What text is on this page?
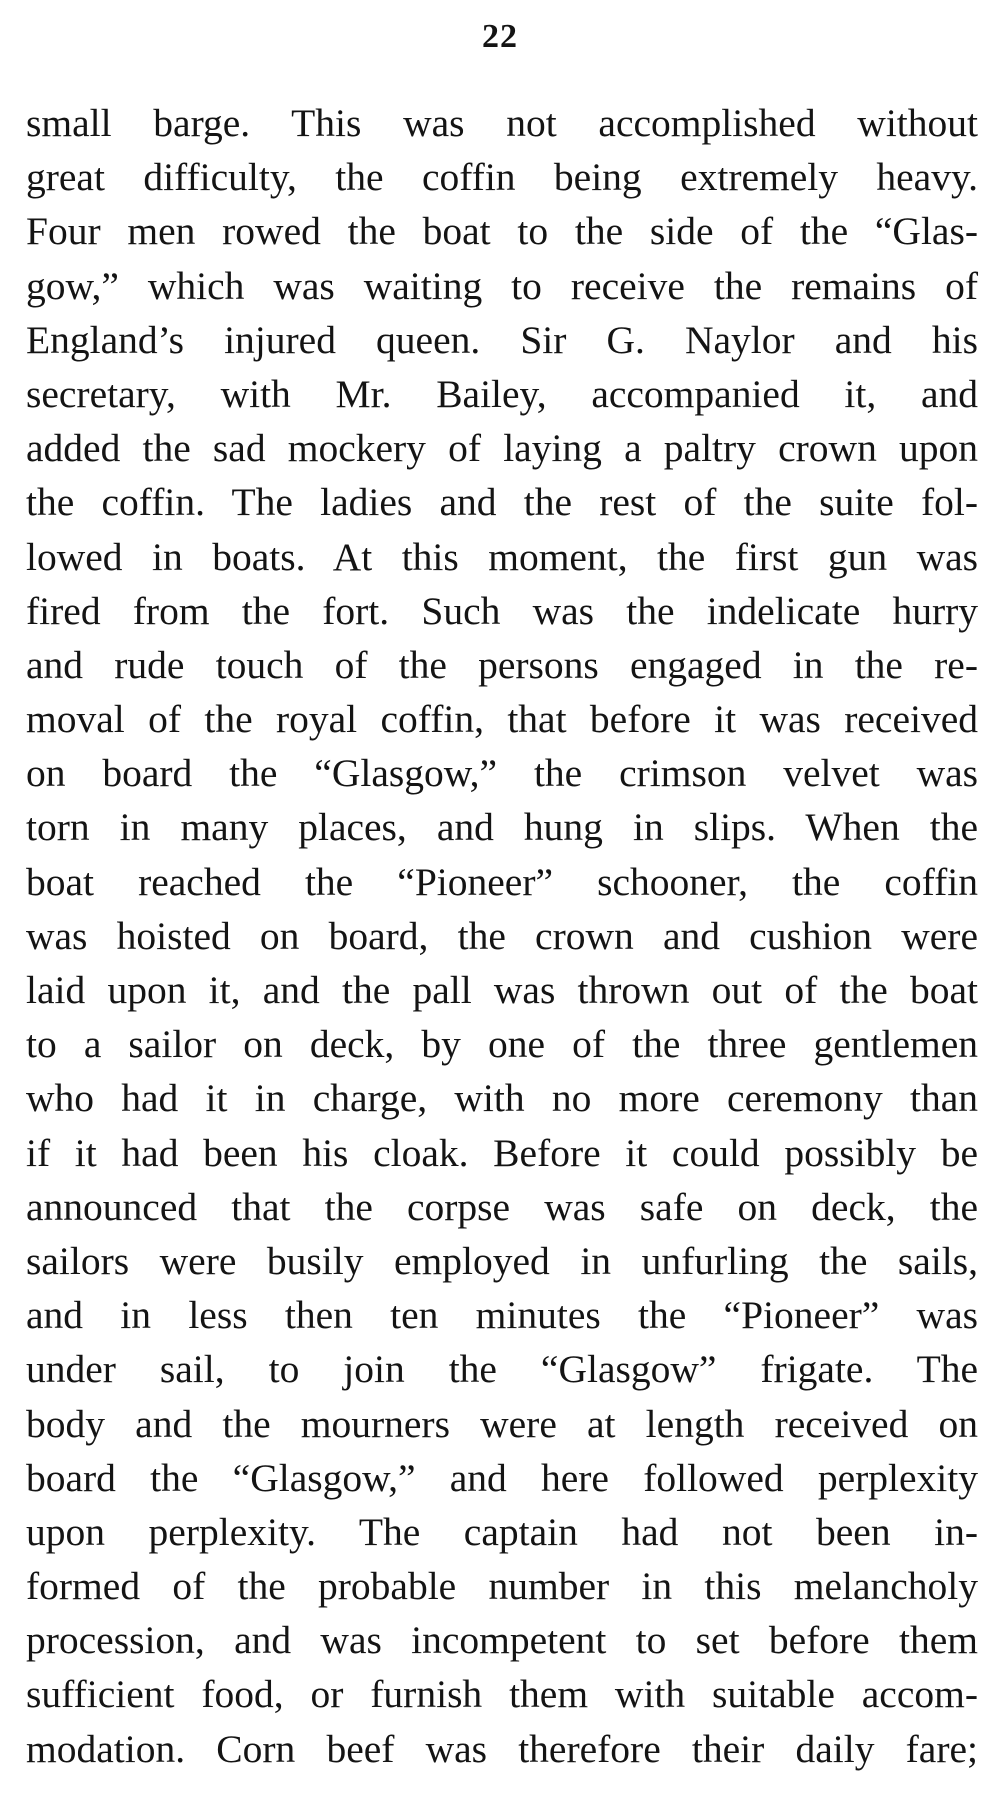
22
small barge. This was not accomplished without
great difficulty, the coffin being extremely heavy.
Four men rowed the boat to the side of the “Glas-
gow,” which was waiting to receive the remains of
England’s injured queen. Sir G. Naylor and his
secretary, with Mr. Bailey, accompanied it, and
added the sad mockery of laying a paltry crown upon
the coffin. The ladies and the rest of the suite fol-
lowed in boats. At this moment, the first gun was
fired from the fort. Such was the indelicate hurry
and rude touch of the persons engaged in the re-
moval of the royal coffin, that before it was received
on board the “Glasgow,” the crimson velvet was
torn in many places, and hung in slips. When the
boat reached the “Pioneer” schooner, the coffin
was hoisted on board, the crown and cushion were
laid upon it, and the pall was thrown out of the boat
to a sailor on deck, by one of the three gentlemen
who had it in charge, with no more ceremony than
if it had been his cloak. Before it could possibly be
announced that the corpse was safe on deck, the
sailors were busily employed in unfurling the sails,
and in less then ten minutes the “Pioneer” was
under sail, to join the “Glasgow” frigate. The
body and the mourners were at length received on
board the “Glasgow,” and here followed perplexity
upon perplexity. The captain had not been in-
formed of the probable number in this melancholy
procession, and was incompetent to set before them
sufficient food, or furnish them with suitable accom-
modation. Corn beef was therefore their daily fare;
